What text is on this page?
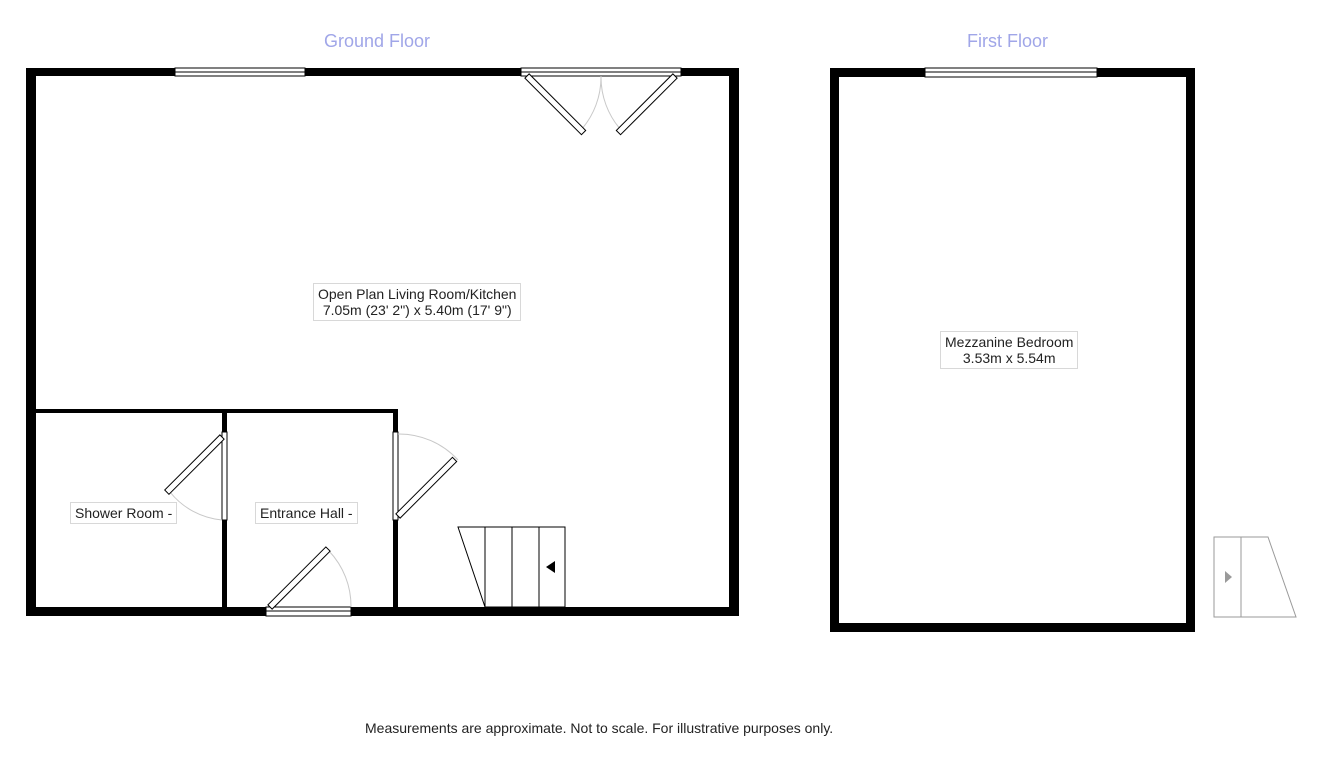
Ground Floor	First Floor
Open Plan Living Room/Kitchen
7.05m (23' 2") x 5.40m (17' 9")
Shower Room -	Entrance Hall -
Mezzanine Bedroom
3.53m x 5.54m
Measurements are approximate. Not to scale. For illustrative purposes only.
